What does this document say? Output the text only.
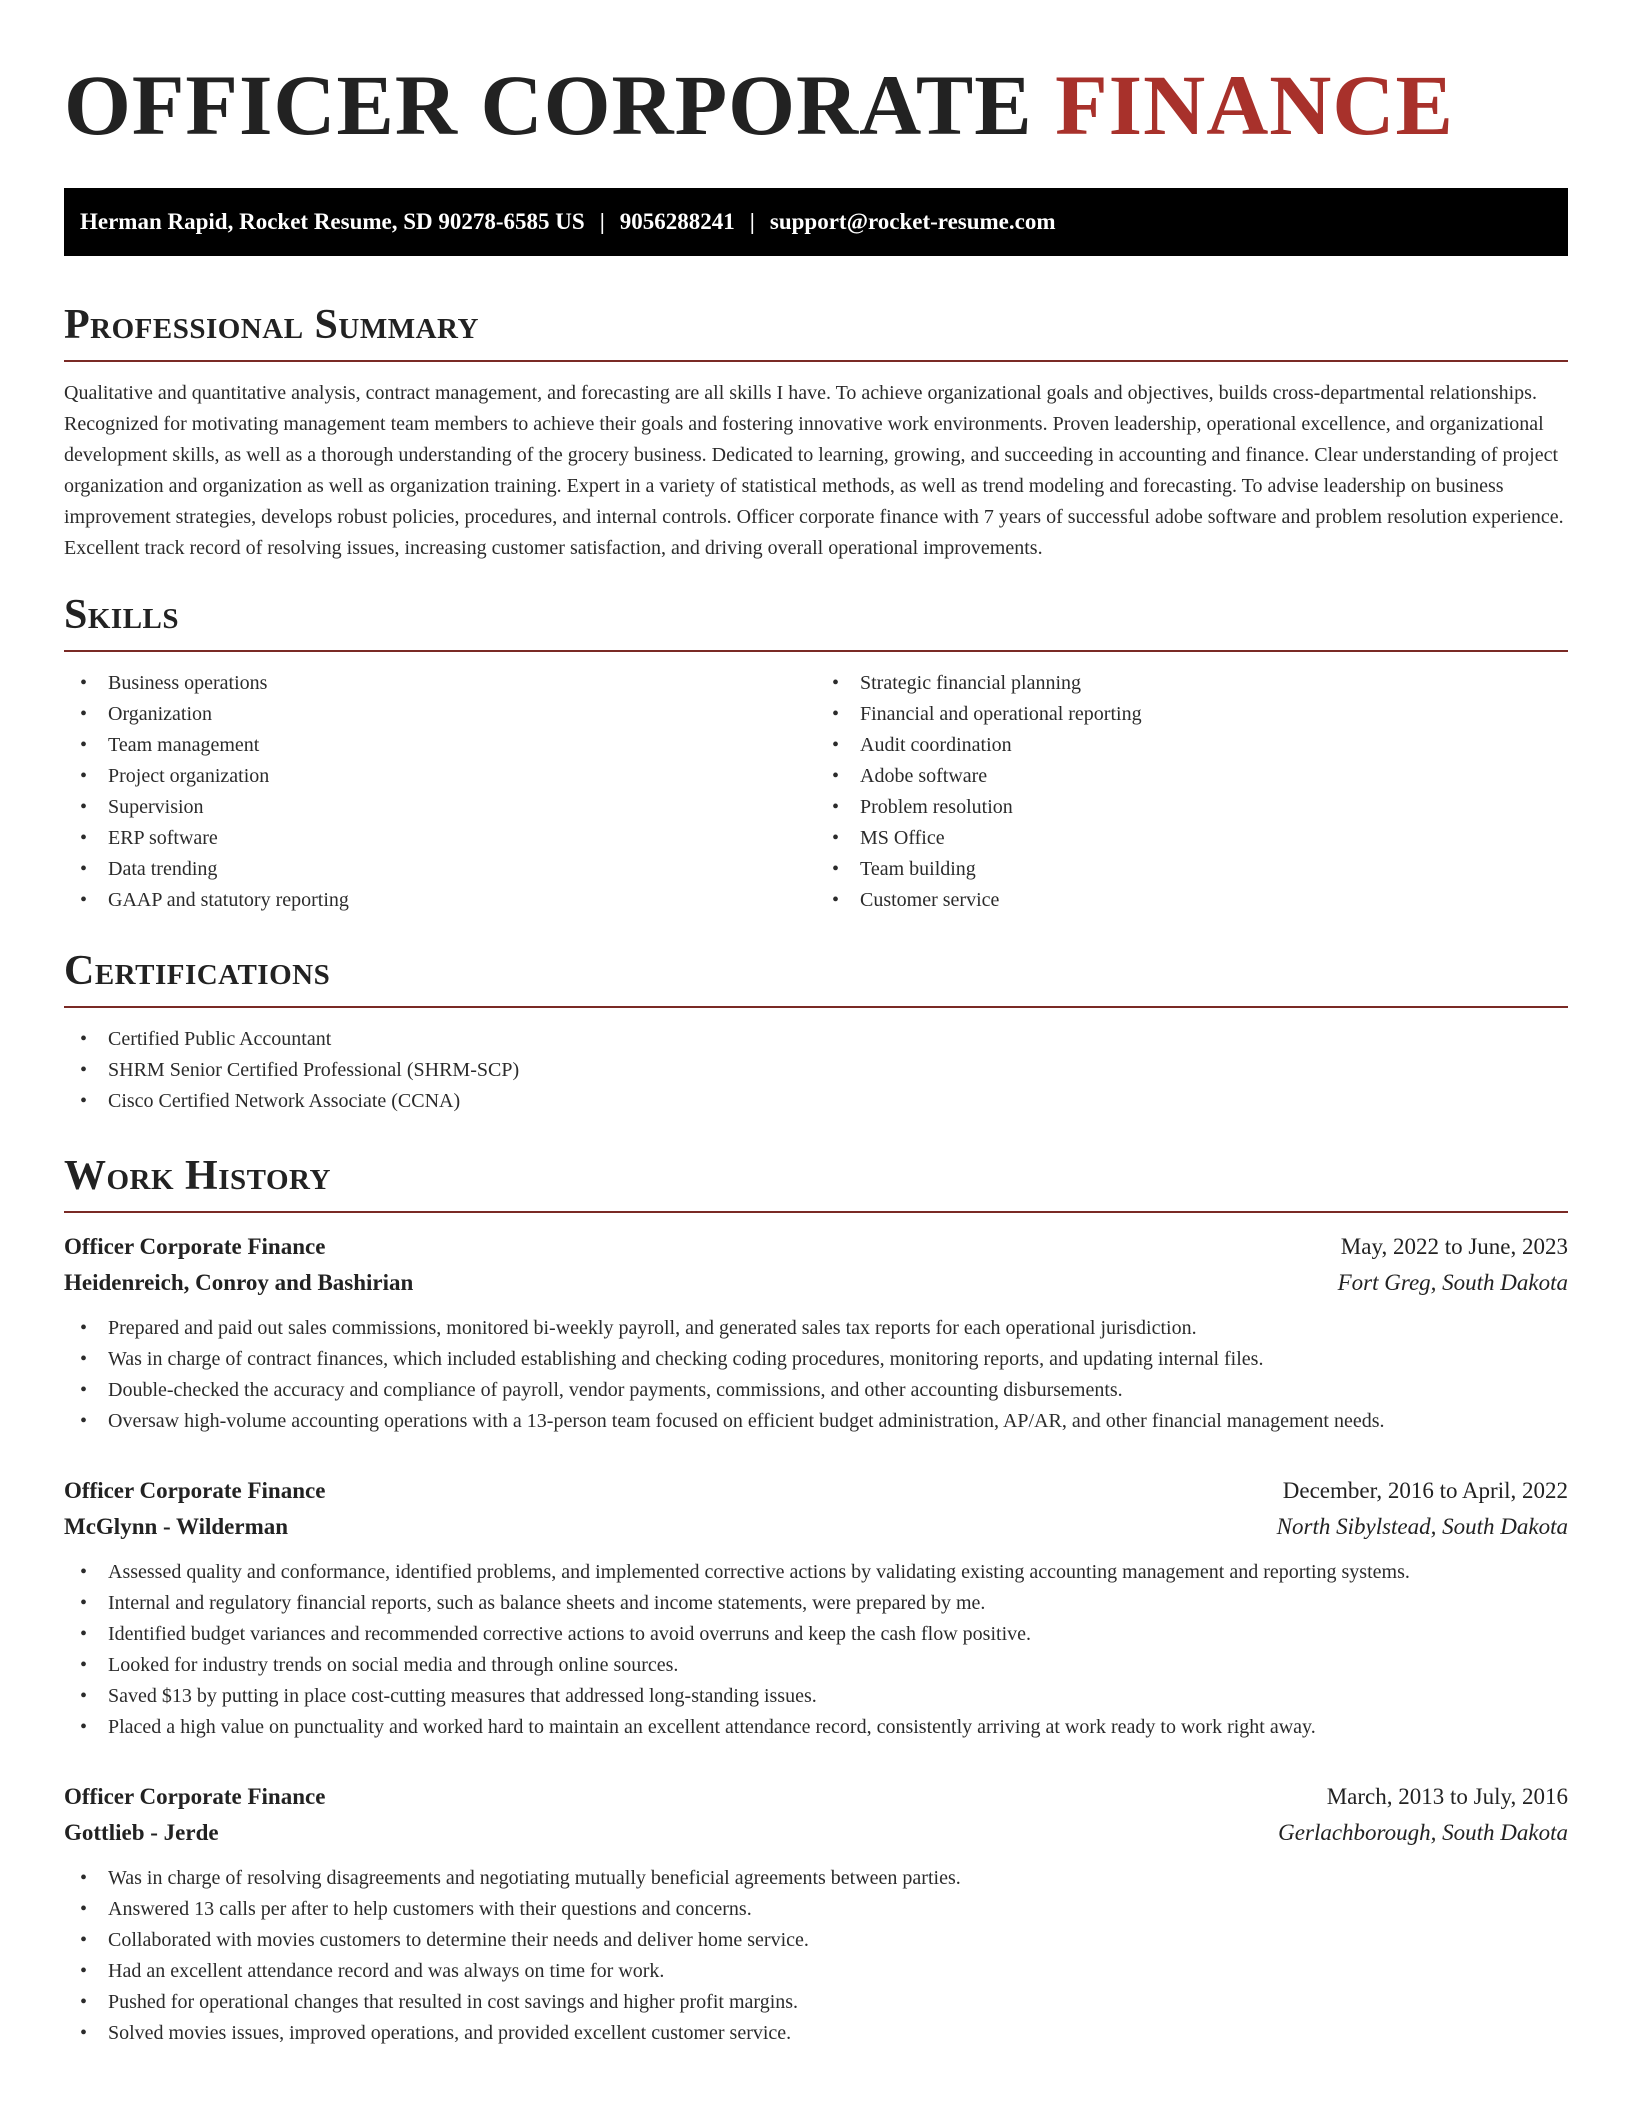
OFFICER CORPORATE FINANCE
Herman Rapid, Rocket Resume, SD 90278-6585 US | 9056288241 | support@rocket-resume.com
Professional Summary

Qualitative and quantitative analysis, contract management, and forecasting are all skills I have. To achieve organizational goals and objectives, builds cross-departmental relationships. Recognized for motivating management team members to achieve their goals and fostering innovative work environments. Proven leadership, operational excellence, and organizational development skills, as well as a thorough understanding of the grocery business. Dedicated to learning, growing, and succeeding in accounting and finance. Clear understanding of project organization and organization as well as organization training. Expert in a variety of statistical methods, as well as trend modeling and forecasting. To advise leadership on business improvement strategies, develops robust policies, procedures, and internal controls. Officer corporate finance with 7 years of successful adobe software and problem resolution experience. Excellent track record of resolving issues, increasing customer satisfaction, and driving overall operational improvements.

Skills
• Business operations
• Organization
• Team management
• Project organization
• Supervision
• ERP software
• Data trending
• GAAP and statutory reporting
• Strategic financial planning
• Financial and operational reporting
• Audit coordination
• Adobe software
• Problem resolution
• MS Office
• Team building
• Customer service
Certifications
• Certified Public Accountant
• SHRM Senior Certified Professional (SHRM-SCP)
• Cisco Certified Network Associate (CCNA)
Work History
Officer Corporate Finance	May, 2022 to June, 2023
Heidenreich, Conroy and Bashirian	Fort Greg, South Dakota
• Prepared and paid out sales commissions, monitored bi-weekly payroll, and generated sales tax reports for each operational jurisdiction.
• Was in charge of contract finances, which included establishing and checking coding procedures, monitoring reports, and updating internal files.
• Double-checked the accuracy and compliance of payroll, vendor payments, commissions, and other accounting disbursements.
• Oversaw high-volume accounting operations with a 13-person team focused on efficient budget administration, AP/AR, and other financial management needs.
Officer Corporate Finance	December, 2016 to April, 2022
McGlynn - Wilderman	North Sibylstead, South Dakota
• Assessed quality and conformance, identified problems, and implemented corrective actions by validating existing accounting management and reporting systems.
• Internal and regulatory financial reports, such as balance sheets and income statements, were prepared by me.
• Identified budget variances and recommended corrective actions to avoid overruns and keep the cash flow positive.
• Looked for industry trends on social media and through online sources.
• Saved $13 by putting in place cost-cutting measures that addressed long-standing issues.
• Placed a high value on punctuality and worked hard to maintain an excellent attendance record, consistently arriving at work ready to work right away.
Officer Corporate Finance	March, 2013 to July, 2016
Gottlieb - Jerde	Gerlachborough, South Dakota
• Was in charge of resolving disagreements and negotiating mutually beneficial agreements between parties.
• Answered 13 calls per after to help customers with their questions and concerns.
• Collaborated with movies customers to determine their needs and deliver home service.
• Had an excellent attendance record and was always on time for work.
• Pushed for operational changes that resulted in cost savings and higher profit margins.
• Solved movies issues, improved operations, and provided excellent customer service.
